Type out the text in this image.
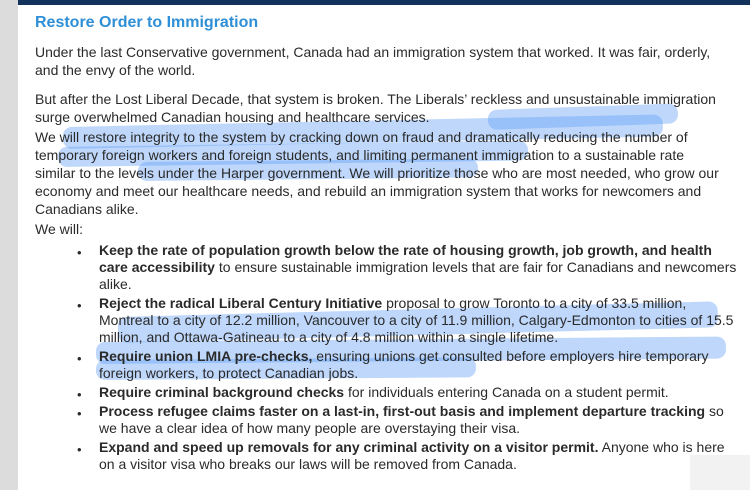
Restore Order to Immigration
Under the last Conservative government, Canada had an immigration system that worked. It was fair, orderly, and the envy of the world.
But after the Lost Liberal Decade, that system is broken. The Liberals’ reckless and unsustainable immigration surge overwhelmed Canadian housing and healthcare services.
We will restore integrity to the system by cracking down on fraud and dramatically reducing the number of temporary foreign workers and foreign students, and limiting permanent immigration to a sustainable rate similar to the levels under the Harper government. We will prioritize those who are most needed, who grow our economy and meet our healthcare needs, and rebuild an immigration system that works for newcomers and Canadians alike.
We will:
• Keep the rate of population growth below the rate of housing growth, job growth, and health care accessibility to ensure sustainable immigration levels that are fair for Canadians and newcomers alike.
• Reject the radical Liberal Century Initiative proposal to grow Toronto to a city of 33.5 million, Montreal to a city of 12.2 million, Vancouver to a city of 11.9 million, Calgary-Edmonton to cities of 15.5 million, and Ottawa-Gatineau to a city of 4.8 million within a single lifetime.
• Require union LMIA pre-checks, ensuring unions get consulted before employers hire temporary foreign workers, to protect Canadian jobs.
• Require criminal background checks for individuals entering Canada on a student permit.
• Process refugee claims faster on a last-in, first-out basis and implement departure tracking so we have a clear idea of how many people are overstaying their visa.
• Expand and speed up removals for any criminal activity on a visitor permit. Anyone who is here on a visitor visa who breaks our laws will be removed from Canada.
